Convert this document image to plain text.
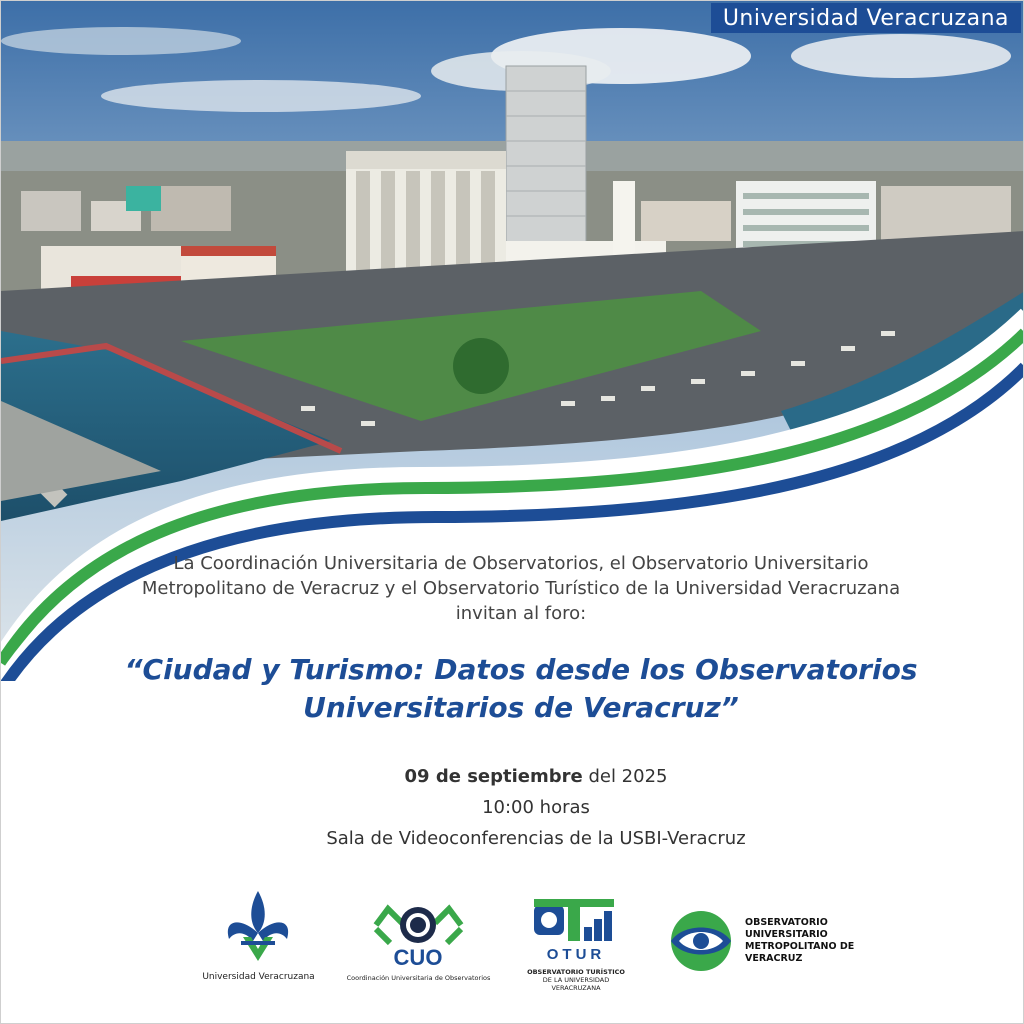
Universidad Veracruzana
La Coordinación Universitaria de Observatorios, el Observatorio Universitario
Metropolitano de Veracruz y el Observatorio Turístico de la Universidad Veracruzana
invitan al foro:
“Ciudad y Turismo: Datos desde los Observatorios
Universitarios de Veracruz”
09 de septiembre del 2025
10:00 horas
Sala de Videoconferencias de la USBI-Veracruz
Universidad Veracruzana
CUO
Coordinación Universitaria de Observatorios
OTUR
OBSERVATORIO TURÍSTICO
DE LA UNIVERSIDAD VERACRUZANA
OBSERVATORIO
UNIVERSITARIO
METROPOLITANO DE
VERACRUZ
